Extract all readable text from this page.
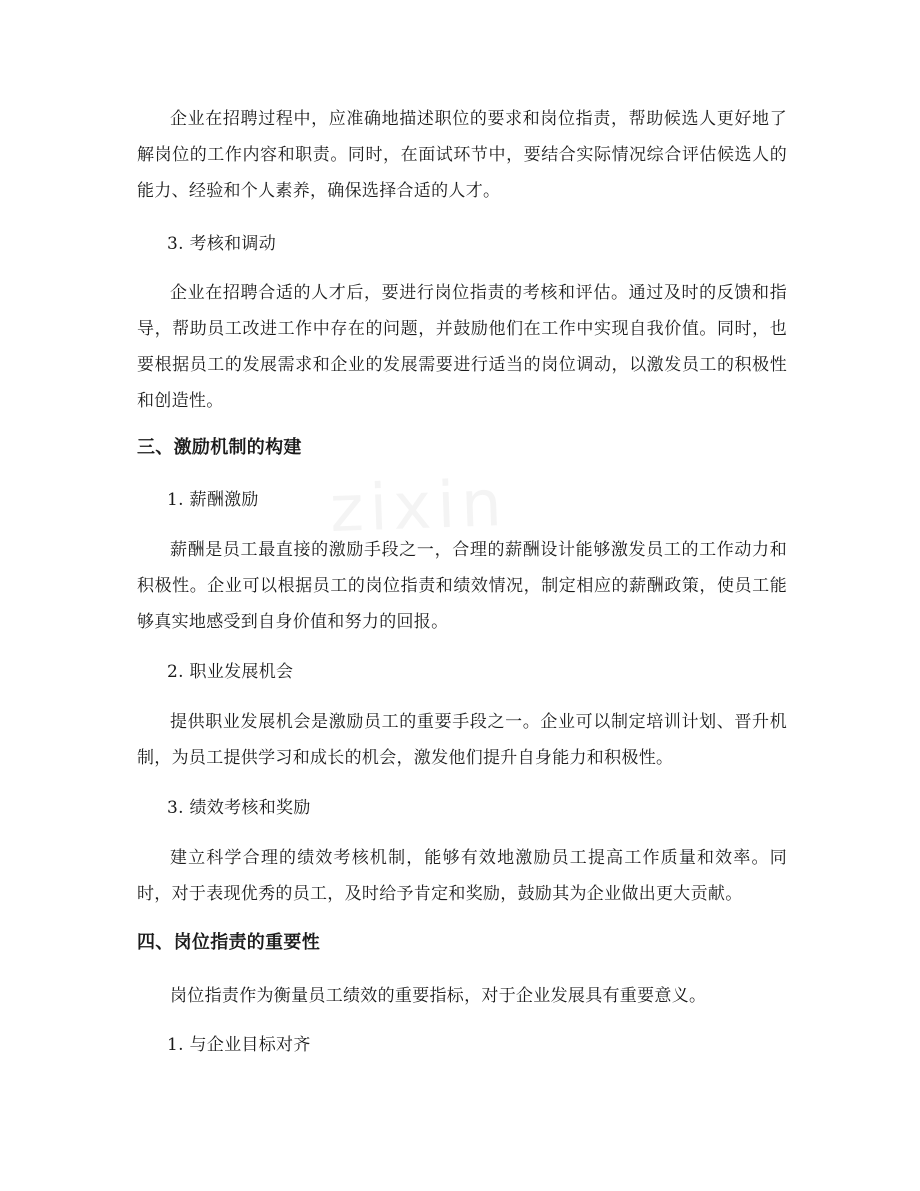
zixin

企业在招聘过程中，应准确地描述职位的要求和岗位指责，帮助候选人更好地了解岗位的工作内容和职责。同时，在面试环节中，要结合实际情况综合评估候选人的能力、经验和个人素养，确保选择合适的人才。

3. 考核和调动

企业在招聘合适的人才后，要进行岗位指责的考核和评估。通过及时的反馈和指导，帮助员工改进工作中存在的问题，并鼓励他们在工作中实现自我价值。同时，也要根据员工的发展需求和企业的发展需要进行适当的岗位调动，以激发员工的积极性和创造性。

三、激励机制的构建

1. 薪酬激励

薪酬是员工最直接的激励手段之一，合理的薪酬设计能够激发员工的工作动力和积极性。企业可以根据员工的岗位指责和绩效情况，制定相应的薪酬政策，使员工能够真实地感受到自身价值和努力的回报。

2. 职业发展机会

提供职业发展机会是激励员工的重要手段之一。企业可以制定培训计划、晋升机制，为员工提供学习和成长的机会，激发他们提升自身能力和积极性。

3. 绩效考核和奖励

建立科学合理的绩效考核机制，能够有效地激励员工提高工作质量和效率。同时，对于表现优秀的员工，及时给予肯定和奖励，鼓励其为企业做出更大贡献。

四、岗位指责的重要性

岗位指责作为衡量员工绩效的重要指标，对于企业发展具有重要意义。

1. 与企业目标对齐
